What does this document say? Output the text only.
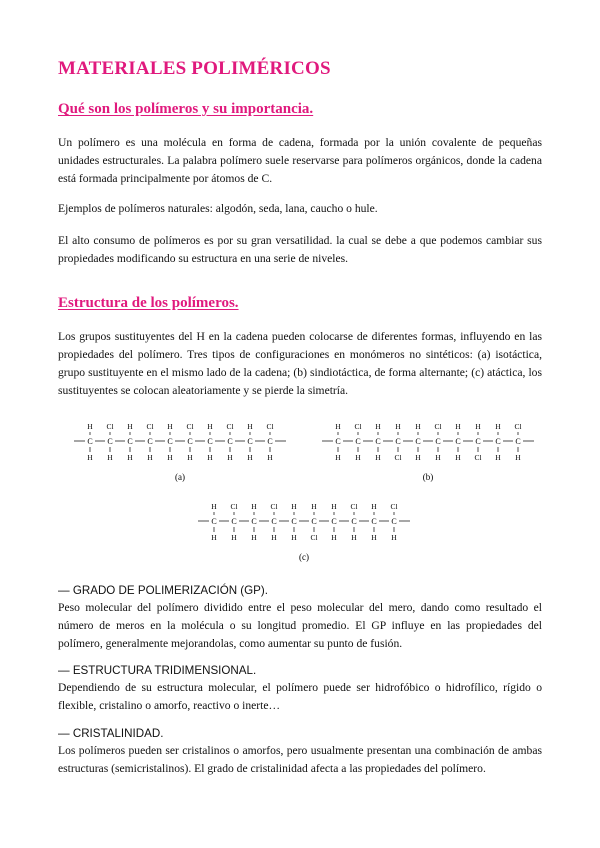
MATERIALES POLIMÉRICOS
Qué son los polímeros y su importancia.

Un polímero es una molécula en forma de cadena, formada por la unión covalente de pequeñas unidades estructurales. La palabra polímero suele reservarse para polímeros orgánicos, donde la cadena está formada principalmente por átomos de C.

Ejemplos de polímeros naturales: algodón, seda, lana, caucho o hule.

El alto consumo de polímeros es por su gran versatilidad. la cual se debe a que podemos cambiar sus propiedades modificando su estructura en una serie de niveles.

Estructura de los polímeros.

Los grupos sustituyentes del H en la cadena pueden colocarse de diferentes formas, influyendo en las propiedades del polímero. Tres tipos de configuraciones en monómeros no sintéticos: (a) isotáctica, grupo sustituyente en el mismo lado de la cadena; (b) sindiotáctica, de forma alternante; (c) atáctica, los sustituyentes se colocan aleatoriamente y se pierde la simetría.

C
H
H
C
Cl
H
C
H
H
C
Cl
H
C
H
H
C
Cl
H
C
H
H
C
Cl
H
C
H
H
C
Cl
H
(a)
C
H
H
C
Cl
H
C
H
H
C
H
Cl
C
H
H
C
Cl
H
C
H
H
C
H
Cl
C
H
H
C
Cl
H
(b)
C
H
H
C
Cl
H
C
H
H
C
Cl
H
C
H
H
C
H
Cl
C
H
H
C
Cl
H
C
H
H
C
Cl
H
(c)
— GRADO DE POLIMERIZACIÓN (GP).

Peso molecular del polímero dividido entre el peso molecular del mero, dando como resultado el número de meros en la molécula o su longitud promedio. El GP influye en las propiedades del polímero, generalmente mejorandolas, como aumentar su punto de fusión.

— ESTRUCTURA TRIDIMENSIONAL.

Dependiendo de su estructura molecular, el polímero puede ser hidrofóbico o hidrofílico, rígido o flexible, cristalino o amorfo, reactivo o inerte…

— CRISTALINIDAD.

Los polímeros pueden ser cristalinos o amorfos, pero usualmente presentan una combinación de ambas estructuras (semicristalinos). El grado de cristalinidad afecta a las propiedades del polímero.
